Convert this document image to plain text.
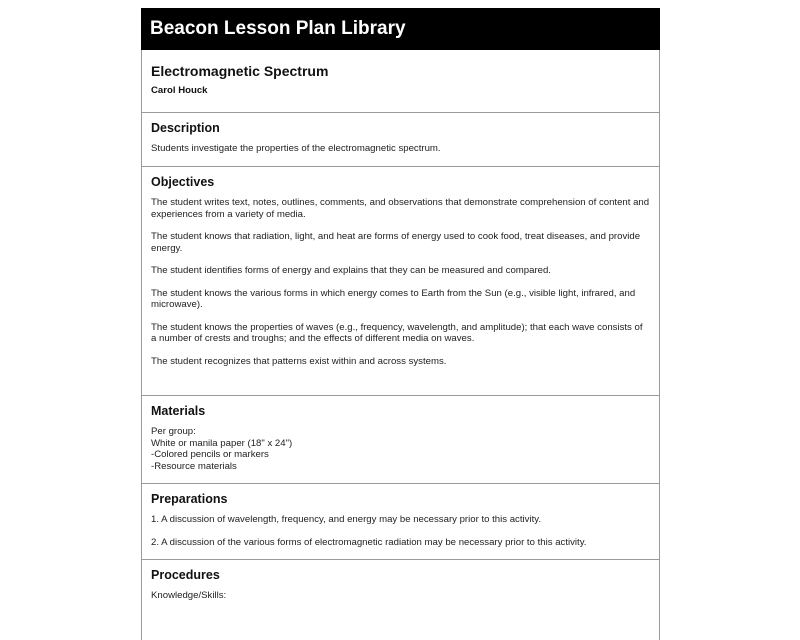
Beacon Lesson Plan Library
Electromagnetic Spectrum
Carol Houck
Description

Students investigate the properties of the electromagnetic spectrum.

Objectives

The student writes text, notes, outlines, comments, and observations that demonstrate comprehension of content and experiences from a variety of media.

The student knows that radiation, light, and heat are forms of energy used to cook food, treat diseases, and provide energy.

The student identifies forms of energy and explains that they can be measured and compared.

The student knows the various forms in which energy comes to Earth from the Sun (e.g., visible light, infrared, and microwave).

The student knows the properties of waves (e.g., frequency, wavelength, and amplitude); that each wave consists of a number of crests and troughs; and the effects of different media on waves.

The student recognizes that patterns exist within and across systems.

Materials
Per group:
White or manila paper (18" x 24")
-Colored pencils or markers
-Resource materials
Preparations

1. A discussion of wavelength, frequency, and energy may be necessary prior to this activity.

2. A discussion of the various forms of electromagnetic radiation may be necessary prior to this activity.

Procedures

Knowledge/Skills:
